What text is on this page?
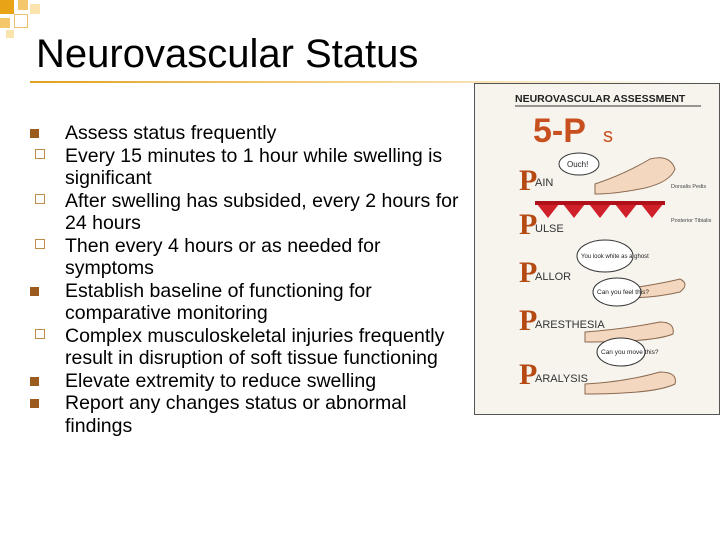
Neurovascular Status
Assess status frequently
Every 15 minutes to 1 hour while swelling is significant
After swelling has subsided, every 2 hours for 24 hours
Then every 4 hours or as needed for symptoms
Establish baseline of functioning for comparative monitoring
Complex musculoskeletal injuries frequently result in disruption of soft tissue functioning
Elevate extremity to reduce swelling
Report any changes status or abnormal findings
NEUROVASCULAR ASSESSMENT
5-P s
P
P
P
P
P
AIN
ULSE
ALLOR
ARESTHESIA
ARALYSIS
Ouch!
You look white as a ghost
Can you feel this?
Can you move this?
Dorsalis Pedis
Posterior Tibialis
